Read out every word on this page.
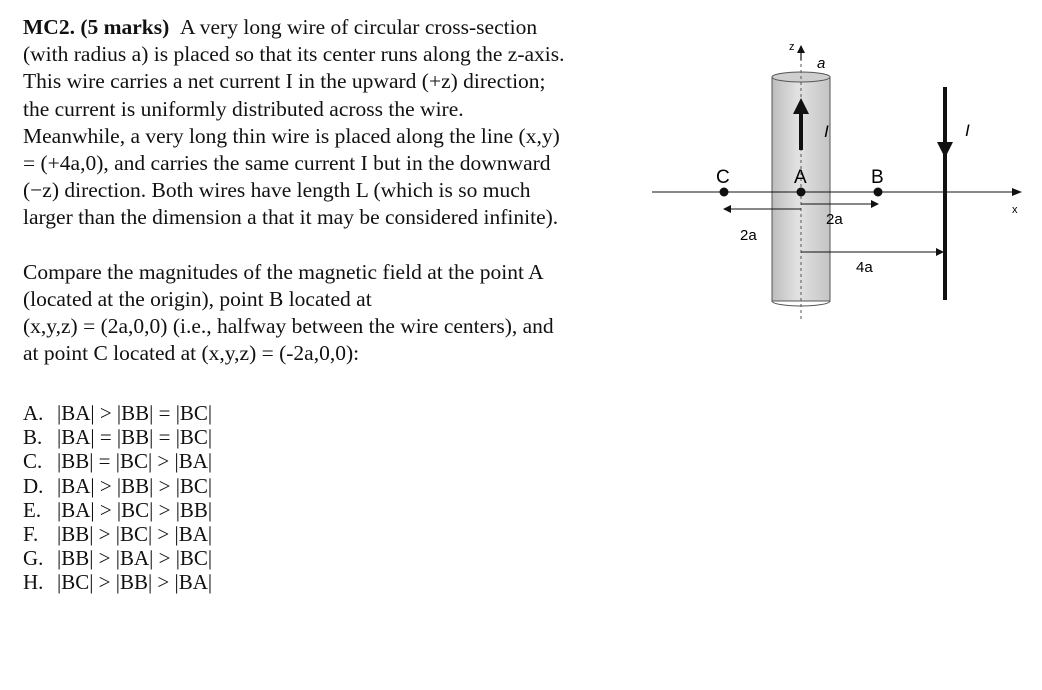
MC2. (5 marks) A very long wire of circular cross-section
(with radius a) is placed so that its center runs along the z-axis.
This wire carries a net current I in the upward (+z) direction;
the current is uniformly distributed across the wire.
Meanwhile, a very long thin wire is placed along the line (x,y)
= (+4a,0), and carries the same current I but in the downward
(−z) direction. Both wires have length L (which is so much
larger than the dimension a that it may be considered infinite).

Compare the magnitudes of the magnetic field at the point A
(located at the origin), point B located at
(x,y,z) = (2a,0,0) (i.e., halfway between the wire centers), and
at point C located at (x,y,z) = (-2a,0,0):

A. |BA| > |BB| = |BC|
B. |BA| = |BB| = |BC|
C. |BB| = |BC| > |BA|
D. |BA| > |BB| > |BC|
E. |BA| > |BC| > |BB|
F. |BB| > |BC| > |BA|
G. |BB| > |BA| > |BC|
H. |BC| > |BB| > |BA|
z
a
I
x
I
C	A	B
2a
2a
4a
